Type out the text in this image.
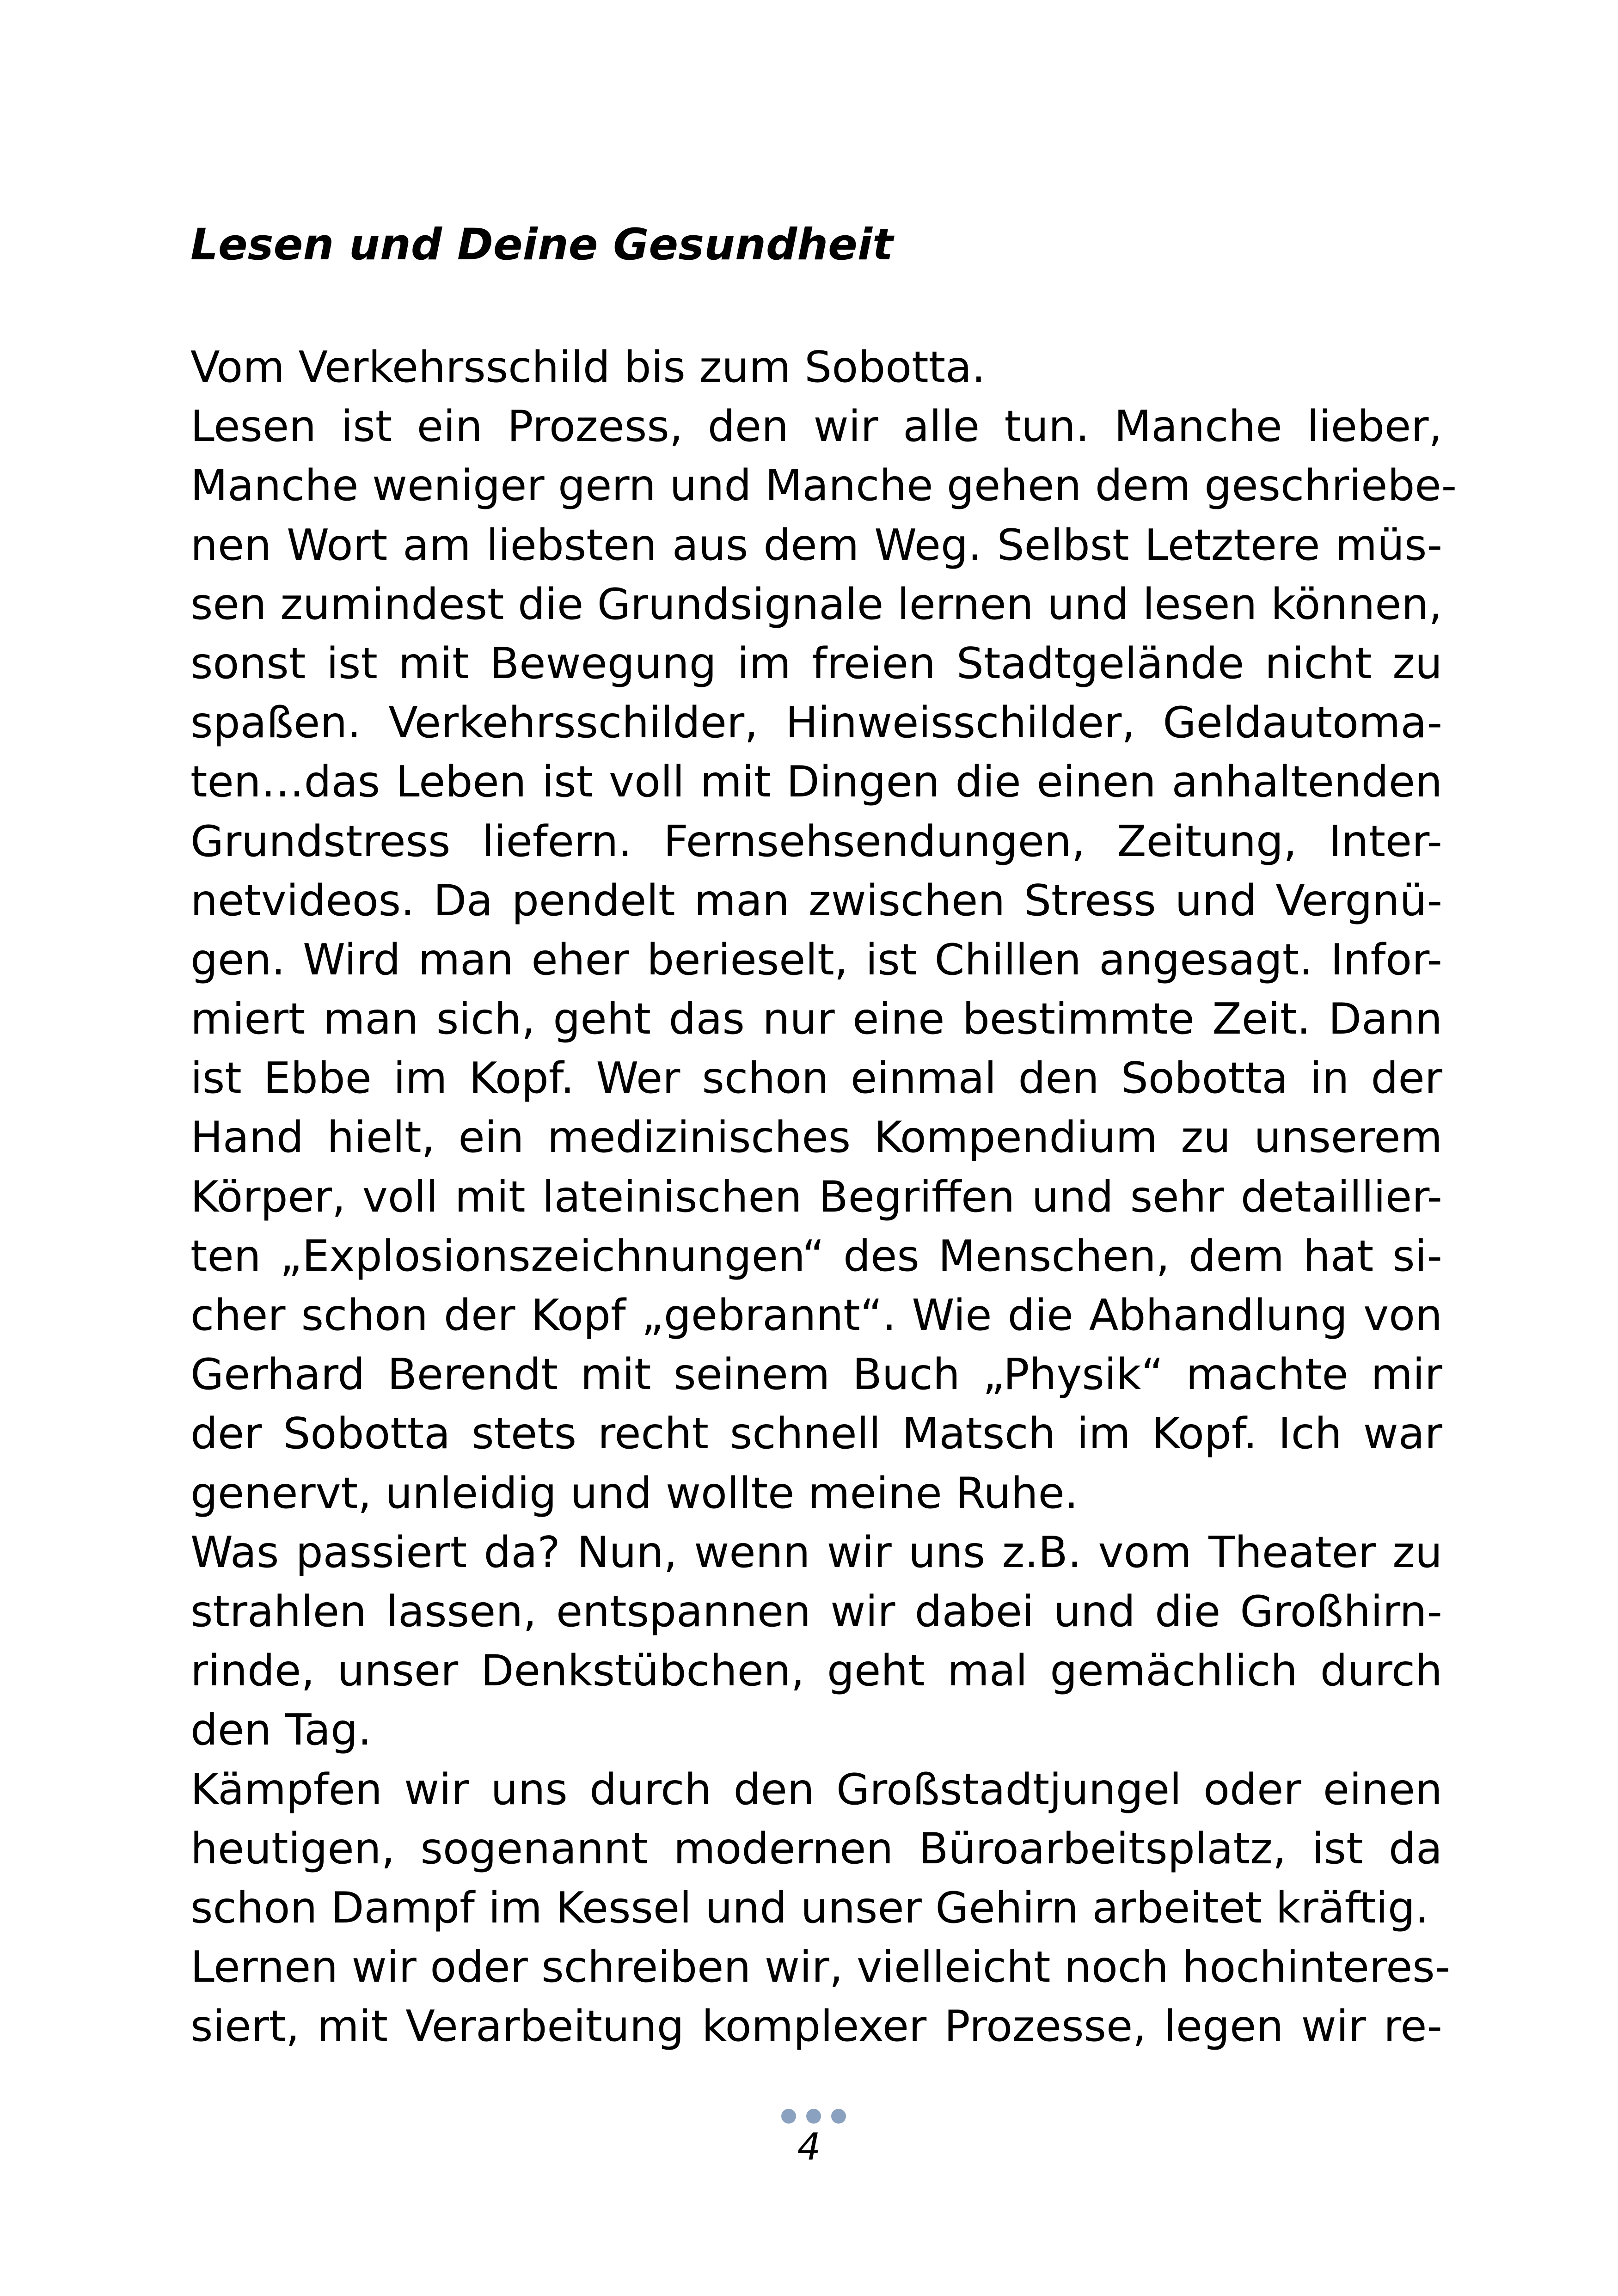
Lesen und Deine Gesundheit
Vom Verkehrsschild bis zum Sobotta.
Lesen ist ein Prozess, den wir alle tun. Manche lieber,
Manche weniger gern und Manche gehen dem geschriebe-
nen Wort am liebsten aus dem Weg. Selbst Letztere müs-
sen zumindest die Grundsignale lernen und lesen können,
sonst ist mit Bewegung im freien Stadtgelände nicht zu
spaßen. Verkehrsschilder, Hinweisschilder, Geldautoma-
ten…das Leben ist voll mit Dingen die einen anhaltenden
Grundstress liefern. Fernsehsendungen, Zeitung, Inter-
netvideos. Da pendelt man zwischen Stress und Vergnü-
gen. Wird man eher berieselt, ist Chillen angesagt. Infor-
miert man sich, geht das nur eine bestimmte Zeit. Dann
ist Ebbe im Kopf. Wer schon einmal den Sobotta in der
Hand hielt, ein medizinisches Kompendium zu unserem
Körper, voll mit lateinischen Begriffen und sehr detaillier-
ten „Explosionszeichnungen“ des Menschen, dem hat si-
cher schon der Kopf „gebrannt“. Wie die Abhandlung von
Gerhard Berendt mit seinem Buch „Physik“ machte mir
der Sobotta stets recht schnell Matsch im Kopf. Ich war
genervt, unleidig und wollte meine Ruhe.
Was passiert da? Nun, wenn wir uns z.B. vom Theater zu
strahlen lassen, entspannen wir dabei und die Großhirn-
rinde, unser Denkstübchen, geht mal gemächlich durch
den Tag.
Kämpfen wir uns durch den Großstadtjungel oder einen
heutigen, sogenannt modernen Büroarbeitsplatz, ist da
schon Dampf im Kessel und unser Gehirn arbeitet kräftig.
Lernen wir oder schreiben wir, vielleicht noch hochinteres-
siert, mit Verarbeitung komplexer Prozesse, legen wir re-
4
